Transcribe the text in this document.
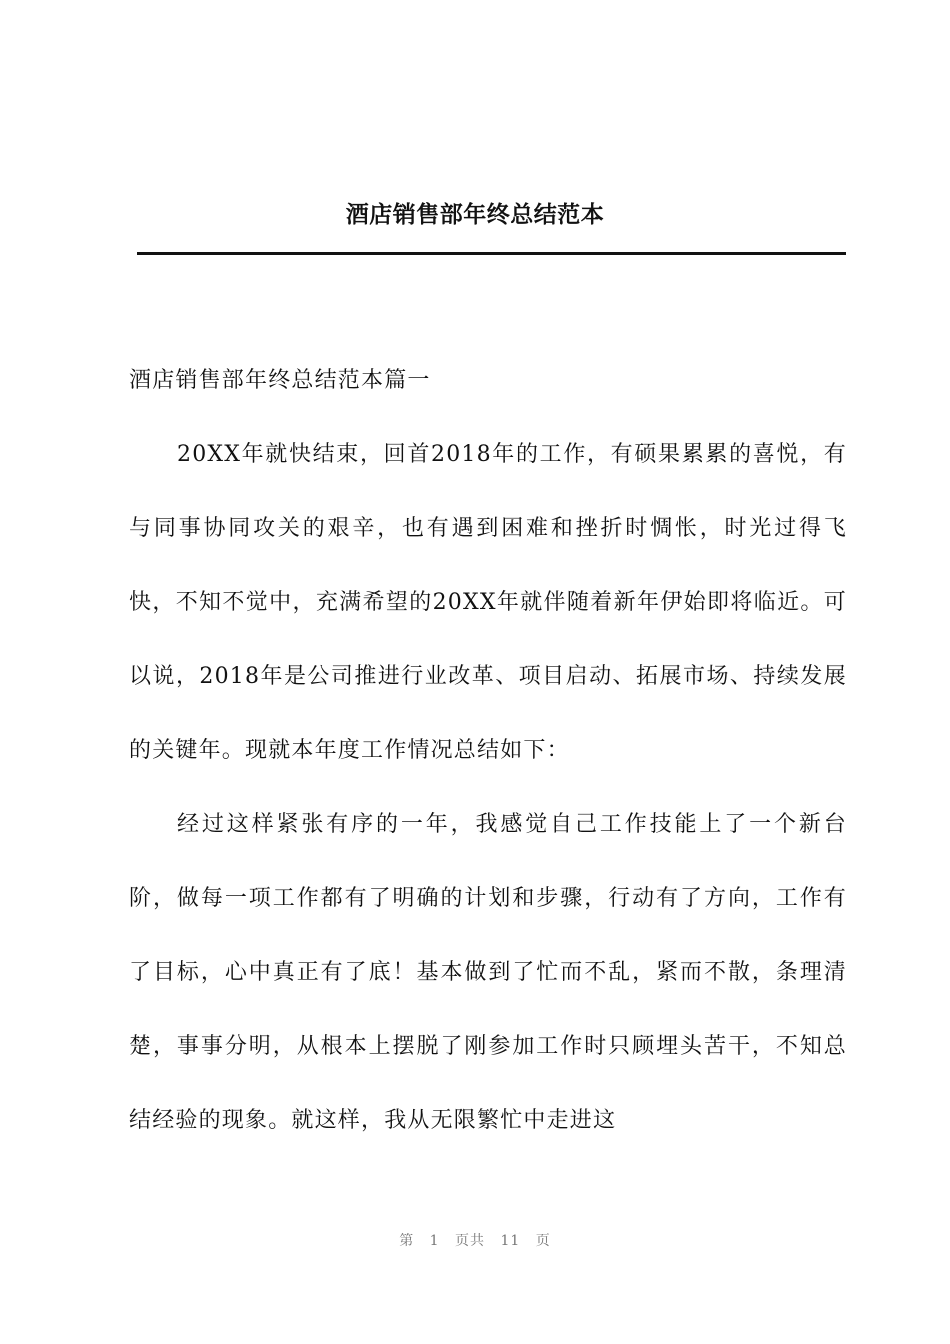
酒店销售部年终总结范本

酒店销售部年终总结范本篇一

20XX年就快结束，回首2018年的工作，有硕果累累的喜悦，有与同事协同攻关的艰辛，也有遇到困难和挫折时惆怅，时光过得飞快，不知不觉中，充满希望的20XX年就伴随着新年伊始即将临近。可以说，2018年是公司推进行业改革、项目启动、拓展市场、持续发展的关键年。现就本年度工作情况总结如下：

经过这样紧张有序的一年，我感觉自己工作技能上了一个新台阶，做每一项工作都有了明确的计划和步骤，行动有了方向，工作有了目标，心中真正有了底！基本做到了忙而不乱，紧而不散，条理清楚，事事分明，从根本上摆脱了刚参加工作时只顾埋头苦干，不知总结经验的现象。就这样，我从无限繁忙中走进这

第 1 页共 11 页
